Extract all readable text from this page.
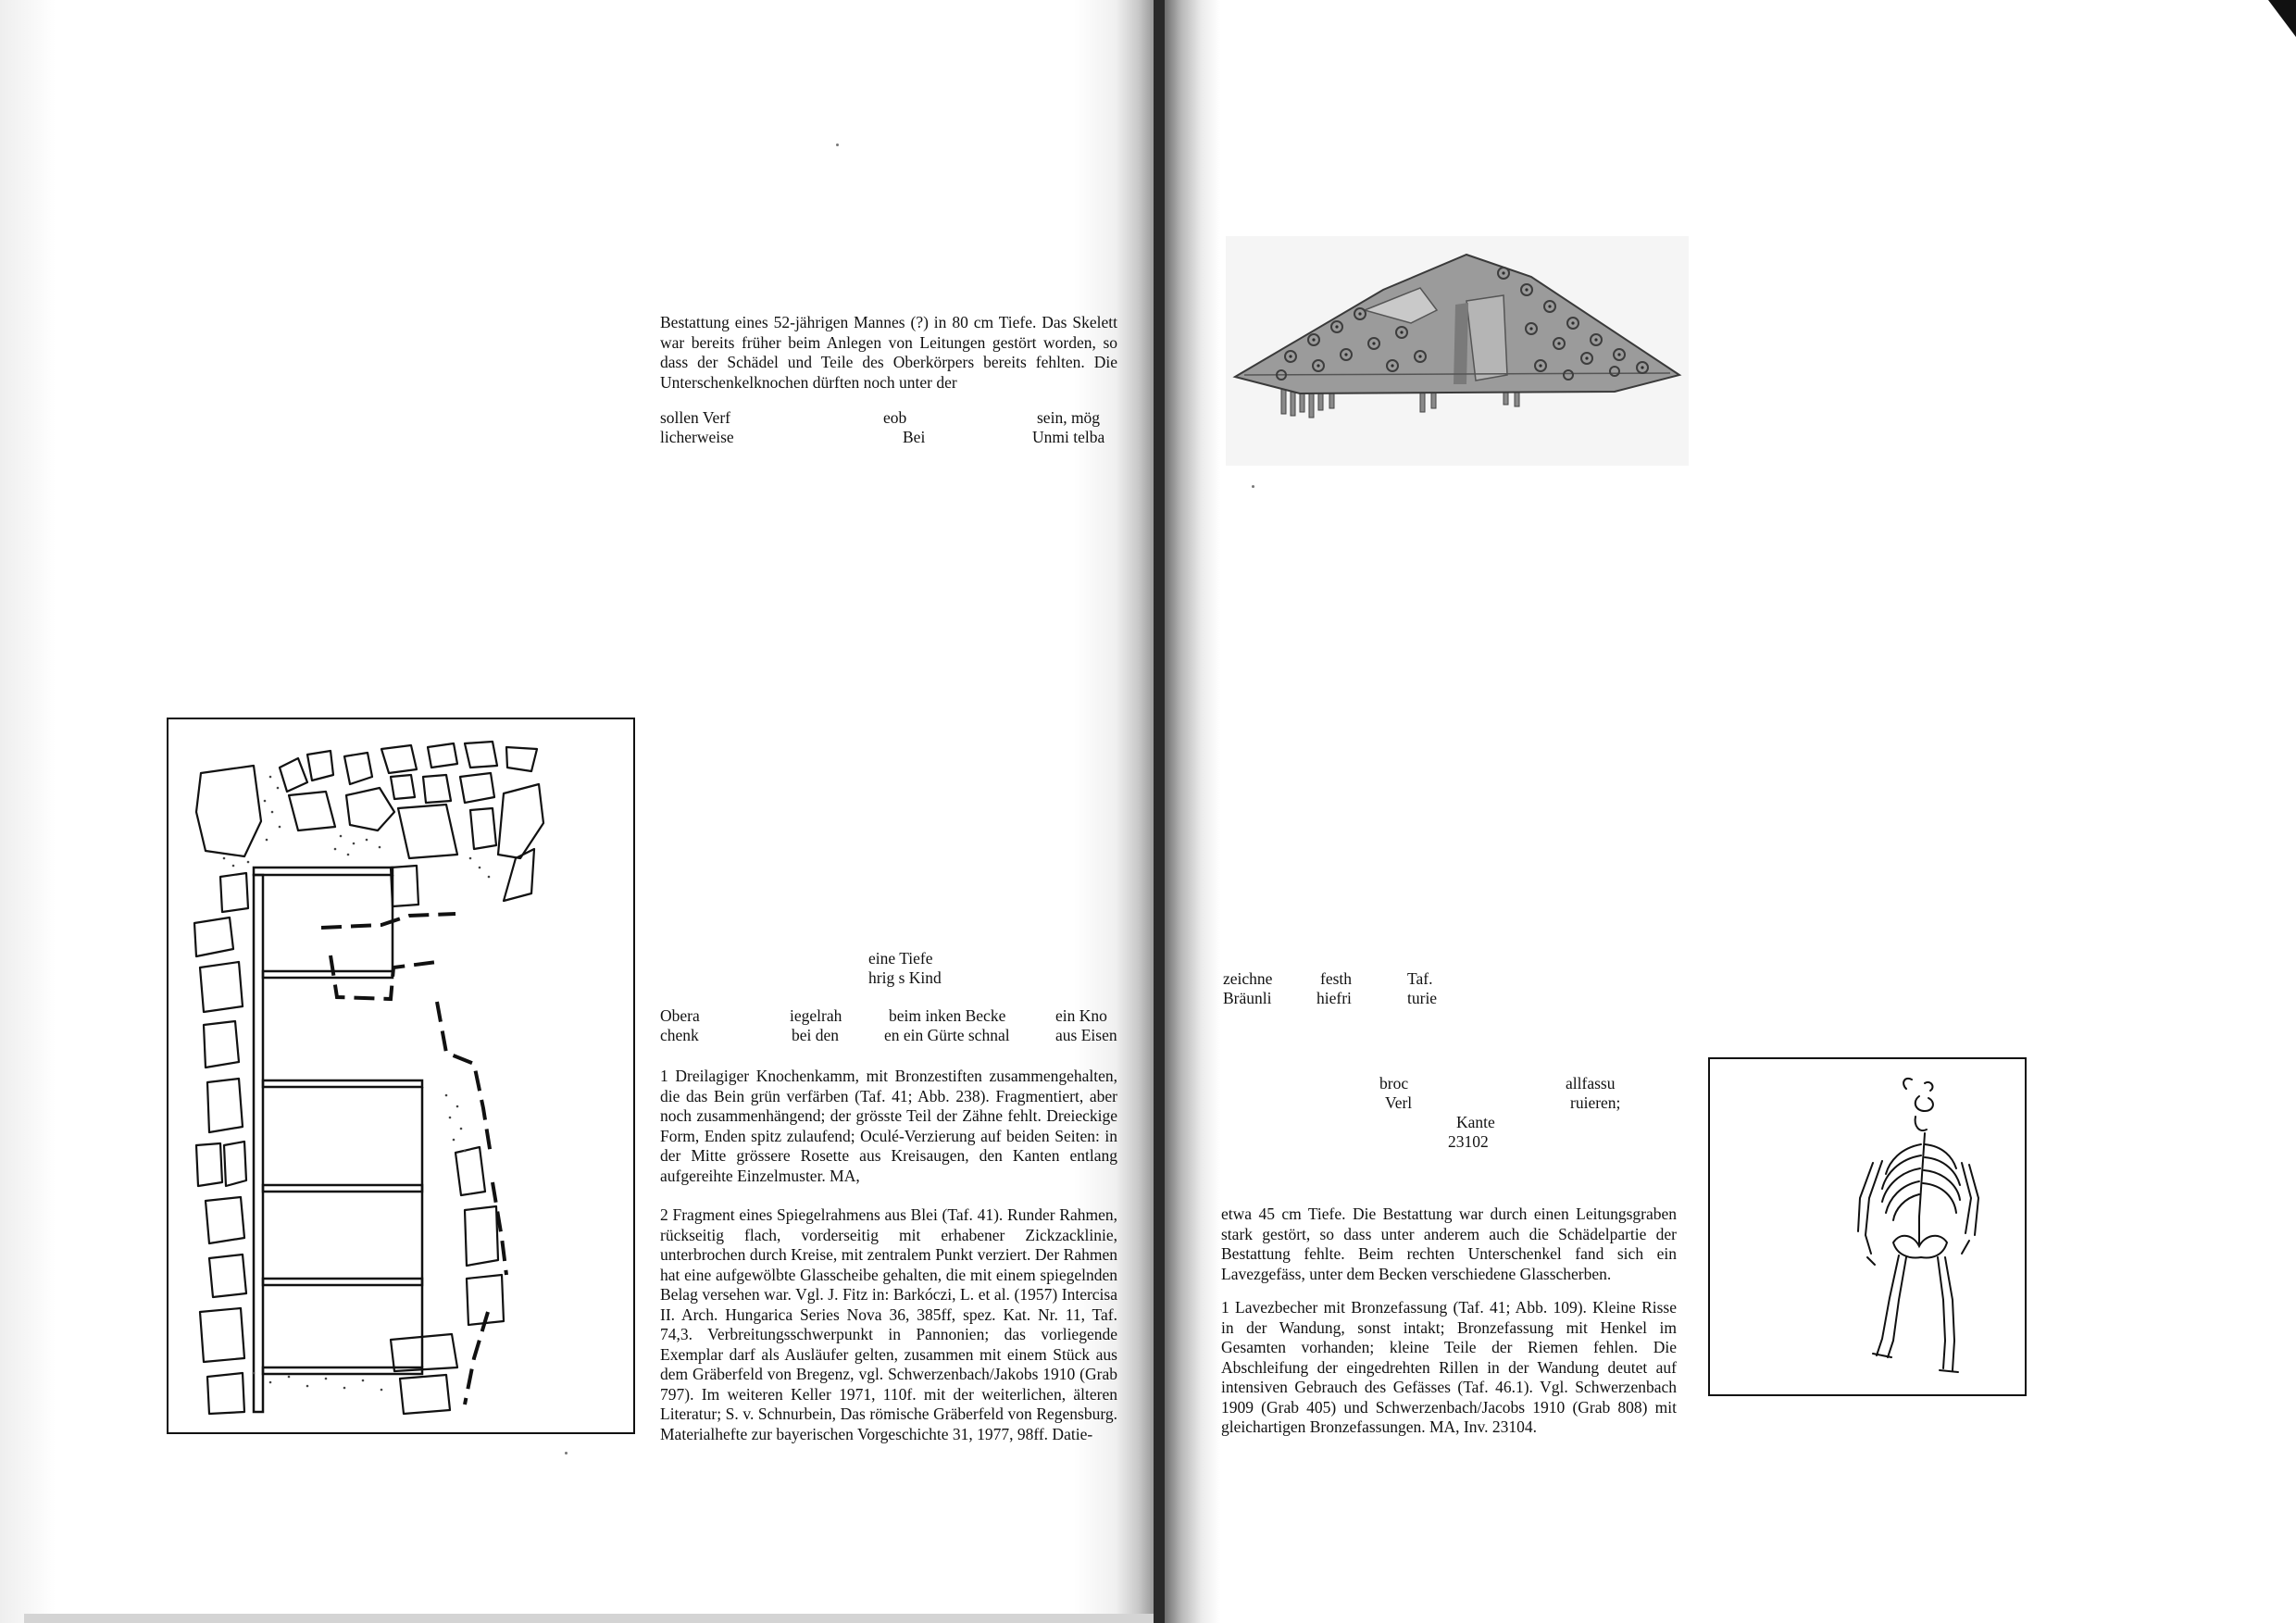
Bestattung eines 52-jährigen Mannes (?) in 80 cm Tiefe. Das Skelett war bereits früher beim Anlegen von Leitungen gestört worden, so dass der Schädel und Teile des Oberkörpers bereits fehlten. Die Unterschenkelknochen dürften noch unter der
sollen Verf	eob	sein, mög
licherweise	Bei	Unmi telba
eine Tiefe
hrig s Kind
Obera	iegelrah	beim inken Becke	ein Kno
chenk	bei den	en ein Gürte schnal	aus Eisen
1 Dreilagiger Knochenkamm, mit Bronzestiften zusammengehalten, die das Bein grün verfärben (Taf. 41; Abb. 238). Fragmentiert, aber noch zusammenhängend; der grösste Teil der Zähne fehlt. Dreieckige Form, Enden spitz zulaufend; Oculé-Verzierung auf beiden Seiten: in der Mitte grössere Rosette aus Kreisaugen, den Kanten entlang aufgereihte Einzelmuster. MA,
2 Fragment eines Spiegelrahmens aus Blei (Taf. 41). Runder Rahmen, rückseitig flach, vorderseitig mit erhabener Zickzacklinie, unterbrochen durch Kreise, mit zentralem Punkt verziert. Der Rahmen hat eine aufgewölbte Glasscheibe gehalten, die mit einem spiegelnden Belag versehen war. Vgl. J. Fitz in: Barkóczi, L. et al. (1957) Intercisa II. Arch. Hungarica Series Nova 36, 385ff, spez. Kat. Nr. 11, Taf. 74,3. Verbreitungsschwerpunkt in Pannonien; das vorliegende Exemplar darf als Ausläufer gelten, zusammen mit einem Stück aus dem Gräberfeld von Bregenz, vgl. Schwerzenbach/Jakobs 1910 (Grab 797). Im weiteren Keller 1971, 110f. mit der weiterlichen, älteren Literatur; S. v. Schnurbein, Das römische Gräberfeld von Regensburg. Materialhefte zur bayerischen Vorgeschichte 31, 1977, 98ff. Datie-
zeichne	festh	Taf.
Bräunli	hiefri	turie
broc	allfassu
Verl	ruieren;
Kante
23102
etwa 45 cm Tiefe. Die Bestattung war durch einen Leitungsgraben stark gestört, so dass unter anderem auch die Schädelpartie der Bestattung fehlte. Beim rechten Unterschenkel fand sich ein Lavezgefäss, unter dem Becken verschiedene Glasscherben.
1 Lavezbecher mit Bronzefassung (Taf. 41; Abb. 109). Kleine Risse in der Wandung, sonst intakt; Bronzefassung mit Henkel im Gesamten vorhanden; kleine Teile der Riemen fehlen. Die Abschleifung der eingedrehten Rillen in der Wandung deutet auf intensiven Gebrauch des Gefässes (Taf. 46.1). Vgl. Schwerzenbach 1909 (Grab 405) und Schwerzenbach/Jacobs 1910 (Grab 808) mit gleichartigen Bronzefassungen. MA, Inv. 23104.
